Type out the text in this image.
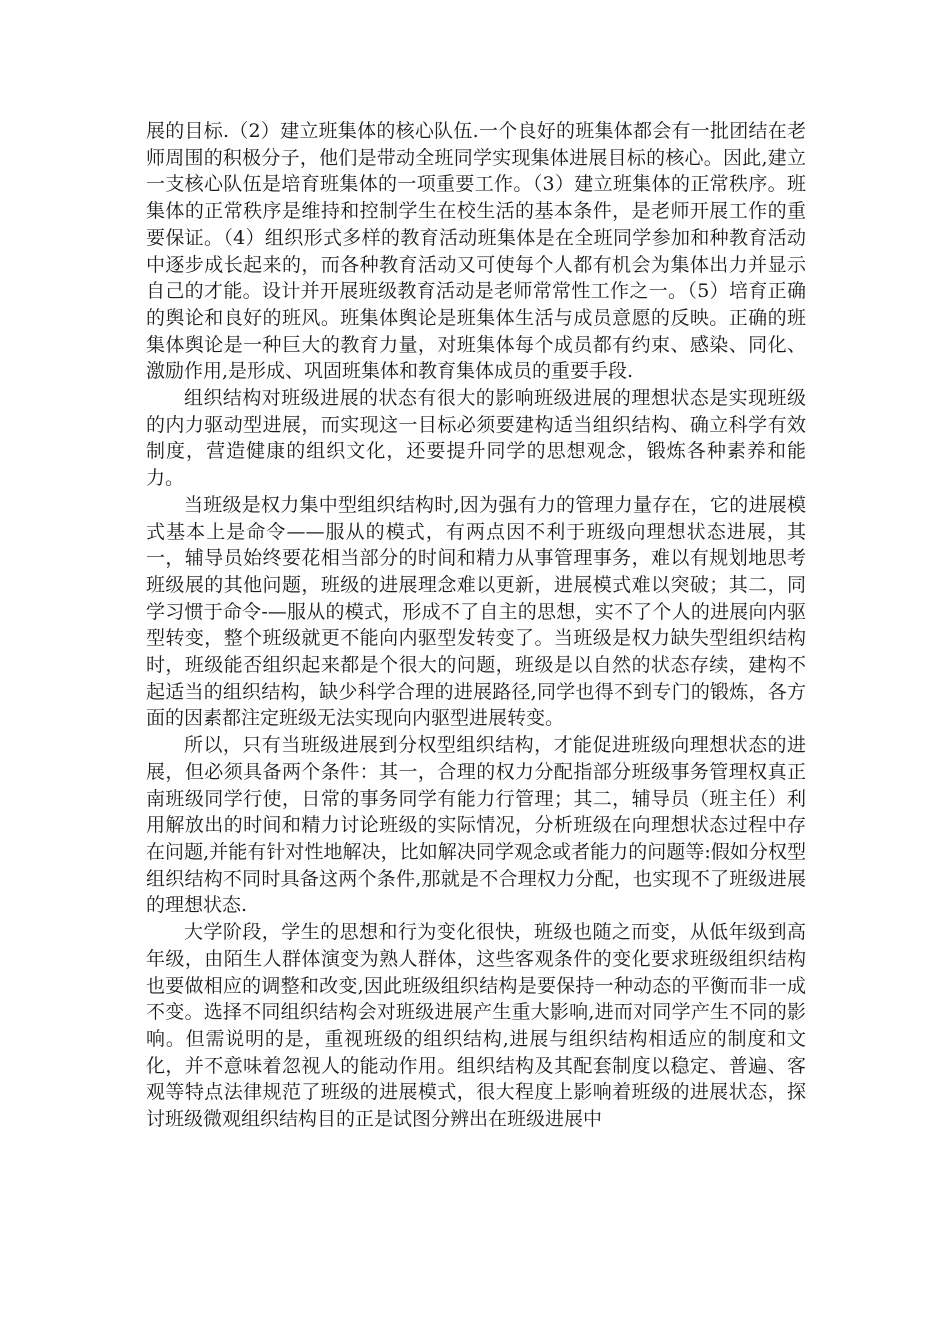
展的目标.（2）建立班集体的核心队伍.一个良好的班集体都会有一批团结在老师周围的积极分子，他们是带动全班同学实现集体进展目标的核心。因此,建立一支核心队伍是培育班集体的一项重要工作。（3）建立班集体的正常秩序。班集体的正常秩序是维持和控制学生在校生活的基本条件，是老师开展工作的重要保证。（4）组织形式多样的教育活动班集体是在全班同学参加和种教育活动中逐步成长起来的，而各种教育活动又可使每个人都有机会为集体出力并显示自己的才能。设计并开展班级教育活动是老师常常性工作之一。（5）培育正确的舆论和良好的班风。班集体舆论是班集体生活与成员意愿的反映。正确的班集体舆论是一种巨大的教育力量，对班集体每个成员都有约束、感染、同化、激励作用,是形成、巩固班集体和教育集体成员的重要手段.

组织结构对班级进展的状态有很大的影响班级进展的理想状态是实现班级的内力驱动型进展，而实现这一目标必须要建构适当组织结构、确立科学有效制度，营造健康的组织文化，还要提升同学的思想观念，锻炼各种素养和能力。

当班级是权力集中型组织结构时,因为强有力的管理力量存在，它的进展模式基本上是命令——服从的模式，有两点因不利于班级向理想状态进展，其一，辅导员始终要花相当部分的时间和精力从事管理事务，难以有规划地思考班级展的其他问题，班级的进展理念难以更新，进展模式难以突破；其二，同学习惯于命令-—服从的模式，形成不了自主的思想，实不了个人的进展向内驱型转变，整个班级就更不能向内驱型发转变了。当班级是权力缺失型组织结构时，班级能否组织起来都是个很大的问题，班级是以自然的状态存续，建构不起适当的组织结构，缺少科学合理的进展路径,同学也得不到专门的锻炼，各方面的因素都注定班级无法实现向内驱型进展转变。

所以，只有当班级进展到分权型组织结构，才能促进班级向理想状态的进展，但必须具备两个条件：其一，合理的权力分配指部分班级事务管理权真正南班级同学行使，日常的事务同学有能力行管理；其二，辅导员（班主任）利用解放出的时间和精力讨论班级的实际情况，分析班级在向理想状态过程中存在问题,并能有针对性地解决，比如解决同学观念或者能力的问题等:假如分权型组织结构不同时具备这两个条件,那就是不合理权力分配，也实现不了班级进展的理想状态.

大学阶段，学生的思想和行为变化很快，班级也随之而变，从低年级到高年级，由陌生人群体演变为熟人群体，这些客观条件的变化要求班级组织结构也要做相应的调整和改变,因此班级组织结构是要保持一种动态的平衡而非一成不变。选择不同组织结构会对班级进展产生重大影响,进而对同学产生不同的影响。但需说明的是，重视班级的组织结构,进展与组织结构相适应的制度和文化，并不意味着忽视人的能动作用。组织结构及其配套制度以稳定、普遍、客观等特点法律规范了班级的进展模式，很大程度上影响着班级的进展状态，探讨班级微观组织结构目的正是试图分辨出在班级进展中
